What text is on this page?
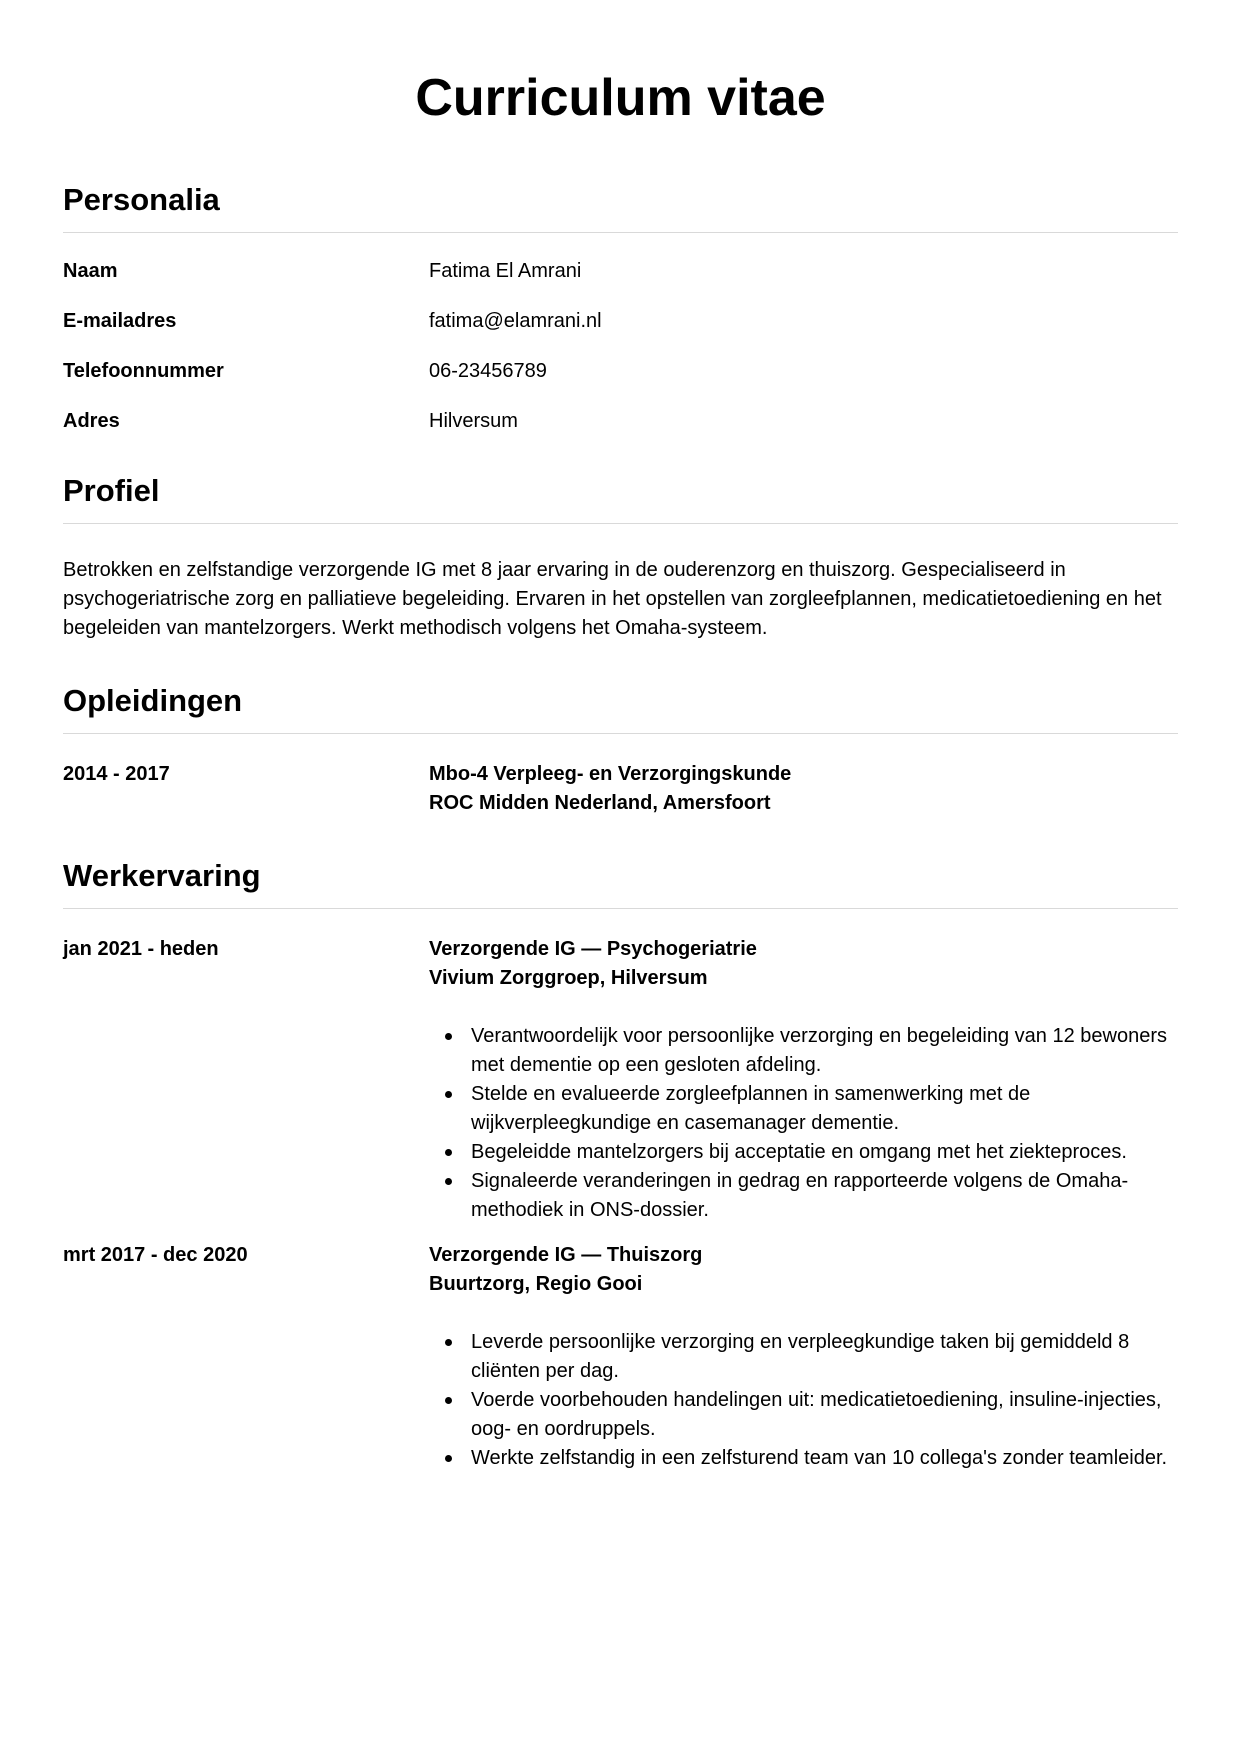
Curriculum vitae
Personalia
Naam	Fatima El Amrani
E-mailadres	fatima@elamrani.nl
Telefoonnummer	06-23456789
Adres	Hilversum
Profiel

Betrokken en zelfstandige verzorgende IG met 8 jaar ervaring in de ouderenzorg en thuiszorg. Gespecialiseerd in psychogeriatrische zorg en palliatieve begeleiding. Ervaren in het opstellen van zorgleefplannen, medicatietoediening en het begeleiden van mantelzorgers. Werkt methodisch volgens het Omaha-systeem.

Opleidingen
2014 - 2017	Mbo-4 Verpleeg- en Verzorgingskunde
ROC Midden Nederland, Amersfoort
Werkervaring
jan 2021 - heden	Verzorgende IG — Psychogeriatrie
Vivium Zorggroep, Hilversum
Verantwoordelijk voor persoonlijke verzorging en begeleiding van 12 bewoners met dementie op een gesloten afdeling.
Stelde en evalueerde zorgleefplannen in samenwerking met de wijkverpleegkundige en casemanager dementie.
Begeleidde mantelzorgers bij acceptatie en omgang met het ziekteproces.
Signaleerde veranderingen in gedrag en rapporteerde volgens de Omaha-methodiek in ONS-dossier.
mrt 2017 - dec 2020	Verzorgende IG — Thuiszorg
Buurtzorg, Regio Gooi
Leverde persoonlijke verzorging en verpleegkundige taken bij gemiddeld 8 cliënten per dag.
Voerde voorbehouden handelingen uit: medicatietoediening, insuline-injecties, oog- en oordruppels.
Werkte zelfstandig in een zelfsturend team van 10 collega's zonder teamleider.
